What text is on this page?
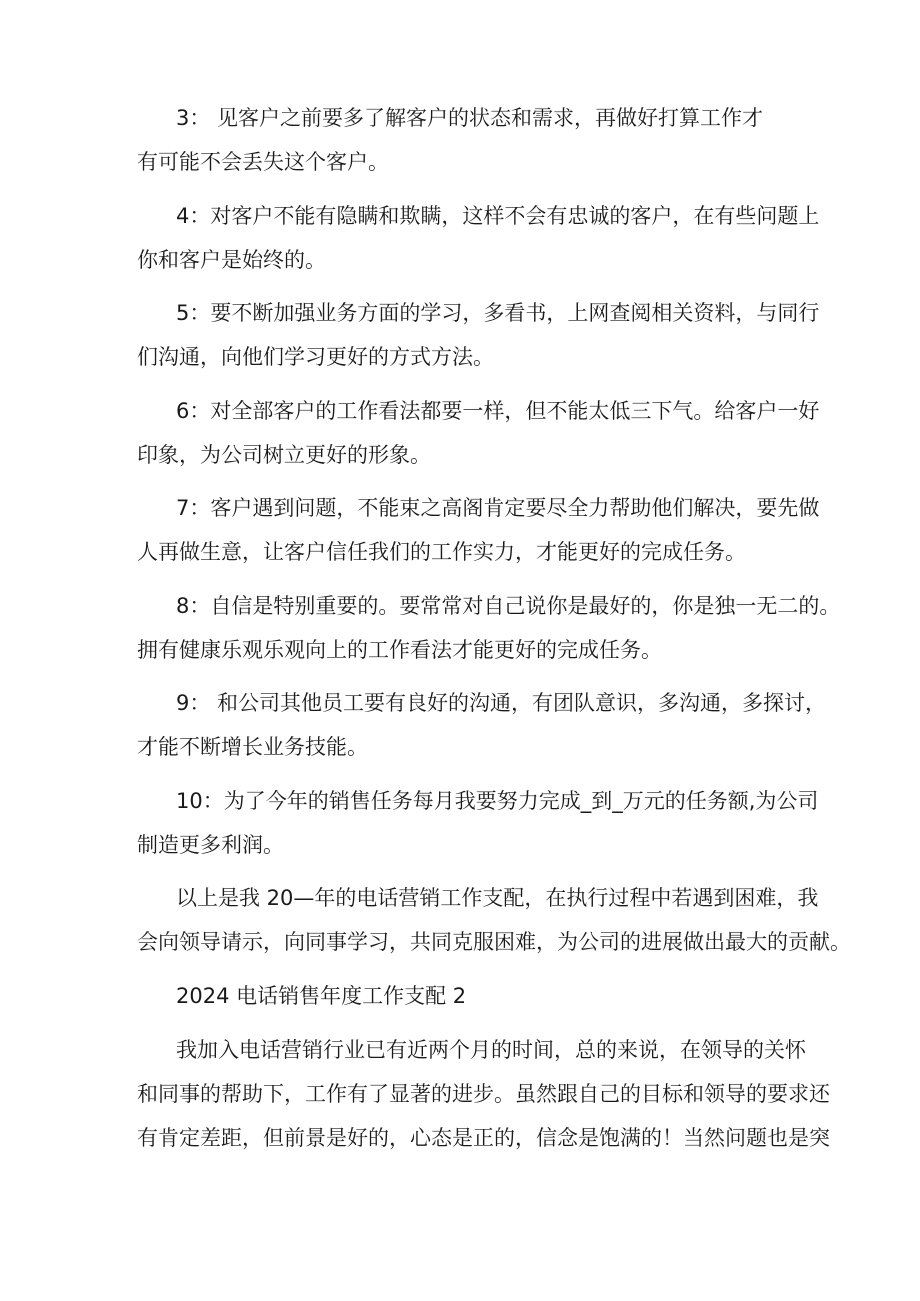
3： 见客户之前要多了解客户的状态和需求，再做好打算工作才

有可能不会丢失这个客户。

4：对客户不能有隐瞒和欺瞒，这样不会有忠诚的客户，在有些问题上

你和客户是始终的。

5：要不断加强业务方面的学习，多看书，上网查阅相关资料，与同行

们沟通，向他们学习更好的方式方法。

6：对全部客户的工作看法都要一样，但不能太低三下气。给客户一好

印象，为公司树立更好的形象。

7：客户遇到问题，不能束之高阁肯定要尽全力帮助他们解决，要先做

人再做生意，让客户信任我们的工作实力，才能更好的完成任务。

8：自信是特别重要的。要常常对自己说你是最好的，你是独一无二的。

拥有健康乐观乐观向上的工作看法才能更好的完成任务。

9： 和公司其他员工要有良好的沟通，有团队意识，多沟通，多探讨，

才能不断增长业务技能。

10：为了今年的销售任务每月我要努力完成_到_万元的任务额,为公司

制造更多利润。

以上是我 20—年的电话营销工作支配，在执行过程中若遇到困难，我

会向领导请示，向同事学习，共同克服困难，为公司的进展做出最大的贡献。

2024 电话销售年度工作支配 2

我加入电话营销行业已有近两个月的时间，总的来说，在领导的关怀

和同事的帮助下，工作有了显著的进步。虽然跟自己的目标和领导的要求还

有肯定差距，但前景是好的，心态是正的，信念是饱满的！当然问题也是突
